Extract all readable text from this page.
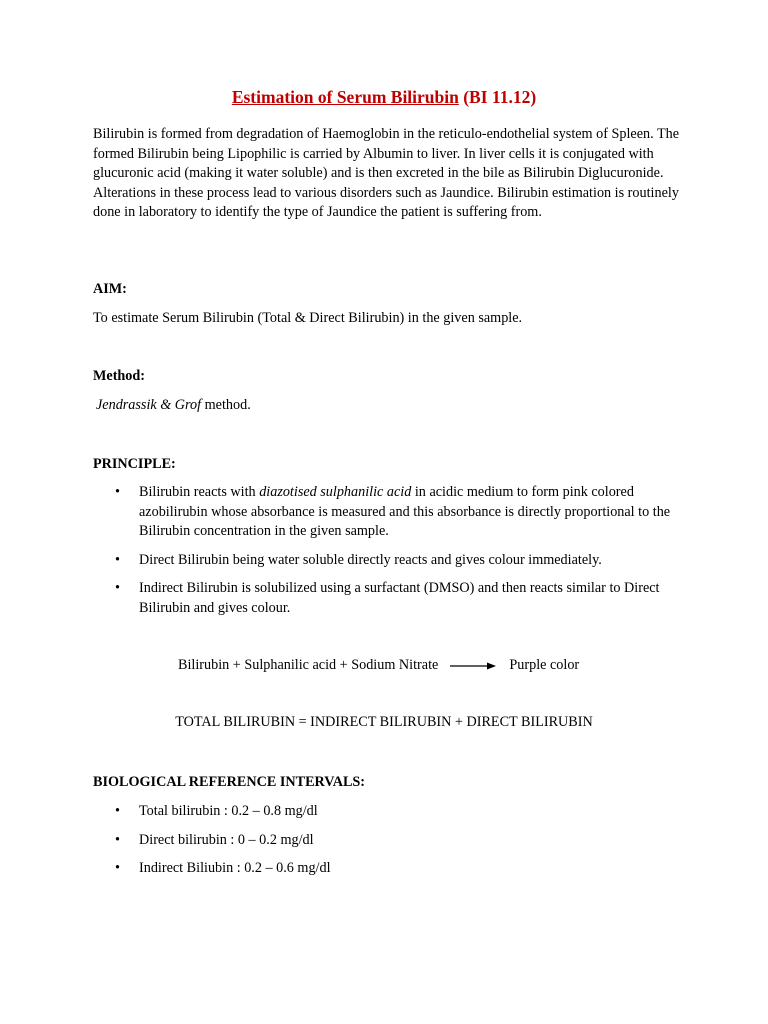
Estimation of Serum Bilirubin (BI 11.12)
Bilirubin is formed from degradation of Haemoglobin in the reticulo-endothelial system of Spleen. The formed Bilirubin being Lipophilic is carried by Albumin to liver. In liver cells it is conjugated with glucuronic acid (making it water soluble) and is then excreted in the bile as Bilirubin Diglucuronide. Alterations in these process lead to various disorders such as Jaundice. Bilirubin estimation is routinely done in laboratory to identify the type of Jaundice the patient is suffering from.
AIM:
To estimate Serum Bilirubin (Total & Direct Bilirubin) in the given sample.
Method:
Jendrassik & Grof method.
PRINCIPLE:
• Bilirubin reacts with diazotised sulphanilic acid in acidic medium to form pink colored azobilirubin whose absorbance is measured and this absorbance is directly proportional to the Bilirubin concentration in the given sample.
• Direct Bilirubin being water soluble directly reacts and gives colour immediately.
• Indirect Bilirubin is solubilized using a surfactant (DMSO) and then reacts similar to Direct Bilirubin and gives colour.
Bilirubin + Sulphanilic acid + Sodium Nitrate	Purple color
TOTAL BILIRUBIN = INDIRECT BILIRUBIN + DIRECT BILIRUBIN
BIOLOGICAL REFERENCE INTERVALS:
• Total bilirubin : 0.2 – 0.8 mg/dl
• Direct bilirubin : 0 – 0.2 mg/dl
• Indirect Biliubin : 0.2 – 0.6 mg/dl
